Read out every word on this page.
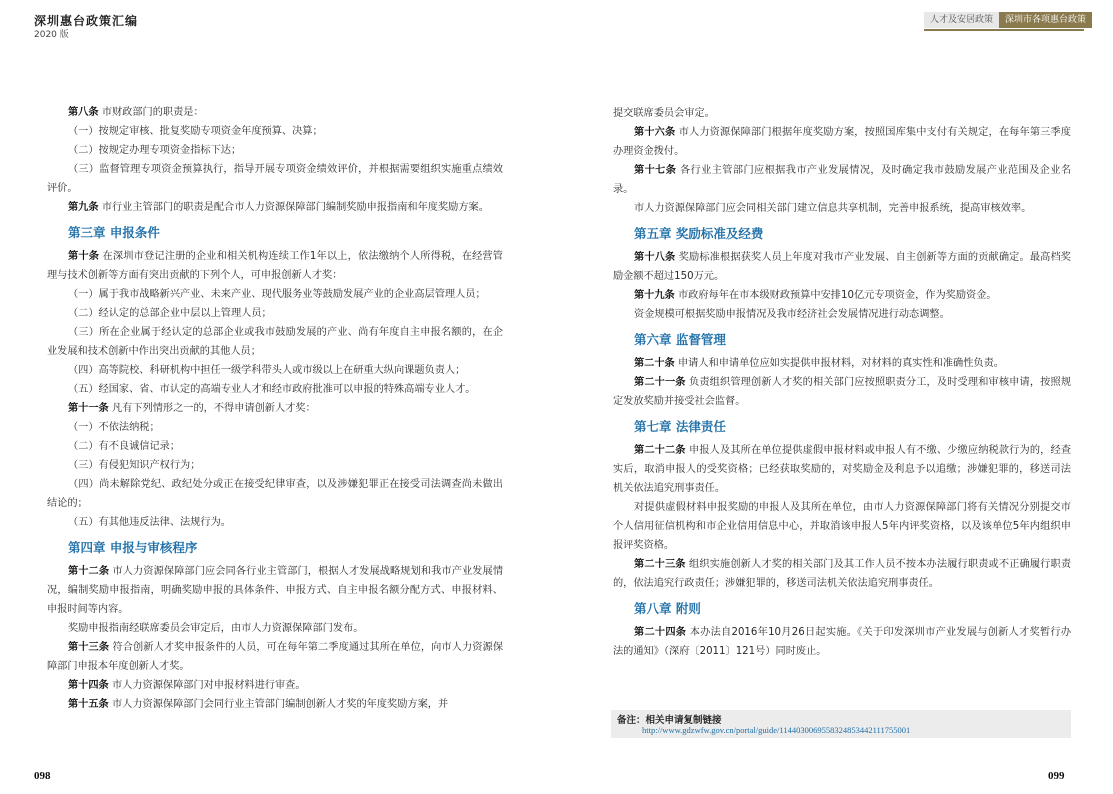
深圳惠台政策汇编
2020 版
人才及安居政策	深圳市各项惠台政策

第八条 市财政部门的职责是：

（一）按规定审核、批复奖励专项资金年度预算、决算；

（二）按规定办理专项资金指标下达；

（三）监督管理专项资金预算执行，指导开展专项资金绩效评价，并根据需要组织实施重点绩效评价。

第九条 市行业主管部门的职责是配合市人力资源保障部门编制奖励申报指南和年度奖励方案。

第三章 申报条件

第十条 在深圳市登记注册的企业和相关机构连续工作1年以上，依法缴纳个人所得税，在经营管理与技术创新等方面有突出贡献的下列个人，可申报创新人才奖：

（一）属于我市战略新兴产业、未来产业、现代服务业等鼓励发展产业的企业高层管理人员；

（二）经认定的总部企业中层以上管理人员；

（三）所在企业属于经认定的总部企业或我市鼓励发展的产业、尚有年度自主申报名额的，在企业发展和技术创新中作出突出贡献的其他人员；

（四）高等院校、科研机构中担任一级学科带头人或市级以上在研重大纵向课题负责人；

（五）经国家、省、市认定的高端专业人才和经市政府批准可以申报的特殊高端专业人才。

第十一条 凡有下列情形之一的，不得申请创新人才奖：

（一）不依法纳税；

（二）有不良诚信记录；

（三）有侵犯知识产权行为；

（四）尚未解除党纪、政纪处分或正在接受纪律审查，以及涉嫌犯罪正在接受司法调查尚未做出结论的；

（五）有其他违反法律、法规行为。

第四章 申报与审核程序

第十二条 市人力资源保障部门应会同各行业主管部门，根据人才发展战略规划和我市产业发展情况，编制奖励申报指南，明确奖励申报的具体条件、申报方式、自主申报名额分配方式、申报材料、申报时间等内容。

奖励申报指南经联席委员会审定后，由市人力资源保障部门发布。

第十三条 符合创新人才奖申报条件的人员，可在每年第二季度通过其所在单位，向市人力资源保障部门申报本年度创新人才奖。

第十四条 市人力资源保障部门对申报材料进行审查。

第十五条 市人力资源保障部门会同行业主管部门编制创新人才奖的年度奖励方案，并

提交联席委员会审定。

第十六条 市人力资源保障部门根据年度奖励方案，按照国库集中支付有关规定，在每年第三季度办理资金拨付。

第十七条 各行业主管部门应根据我市产业发展情况，及时确定我市鼓励发展产业范围及企业名录。

市人力资源保障部门应会同相关部门建立信息共享机制，完善申报系统，提高审核效率。

第五章 奖励标准及经费

第十八条 奖励标准根据获奖人员上年度对我市产业发展、自主创新等方面的贡献确定。最高档奖励金额不超过150万元。

第十九条 市政府每年在市本级财政预算中安排10亿元专项资金，作为奖励资金。

资金规模可根据奖励申报情况及我市经济社会发展情况进行动态调整。

第六章 监督管理

第二十条 申请人和申请单位应如实提供申报材料，对材料的真实性和准确性负责。

第二十一条 负责组织管理创新人才奖的相关部门应按照职责分工，及时受理和审核申请，按照规定发放奖励并接受社会监督。

第七章 法律责任

第二十二条 申报人及其所在单位提供虚假申报材料或申报人有不缴、少缴应纳税款行为的，经查实后，取消申报人的受奖资格；已经获取奖励的，对奖励金及利息予以追缴；涉嫌犯罪的，移送司法机关依法追究刑事责任。

对提供虚假材料申报奖励的申报人及其所在单位，由市人力资源保障部门将有关情况分别提交市个人信用征信机构和市企业信用信息中心，并取消该申报人5年内评奖资格，以及该单位5年内组织申报评奖资格。

第二十三条 组织实施创新人才奖的相关部门及其工作人员不按本办法履行职责或不正确履行职责的，依法追究行政责任；涉嫌犯罪的，移送司法机关依法追究刑事责任。

第八章 附则

第二十四条 本办法自2016年10月26日起实施。《关于印发深圳市产业发展与创新人才奖暂行办法的通知》（深府〔2011〕121号）同时废止。

备注：相关申请复制链接
http://www.gdzwfw.gov.cn/portal/guide/11440300695583248534421117550​01
098	099
